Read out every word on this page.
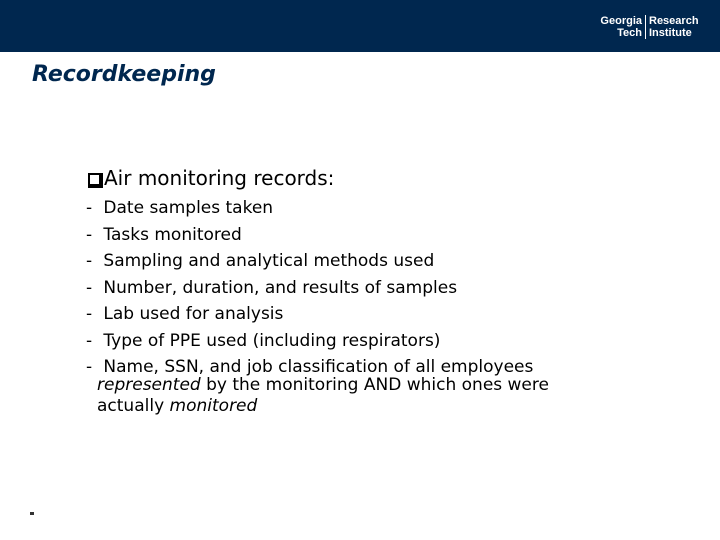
Georgia
Tech
Research
Institute
Recordkeeping
Air monitoring records:
- Date samples taken
- Tasks monitored
- Sampling and analytical methods used
- Number, duration, and results of samples
- Lab used for analysis
- Type of PPE used (including respirators)
- Name, SSN, and job classification of all employees
represented by the monitoring AND which ones were
actually monitored
